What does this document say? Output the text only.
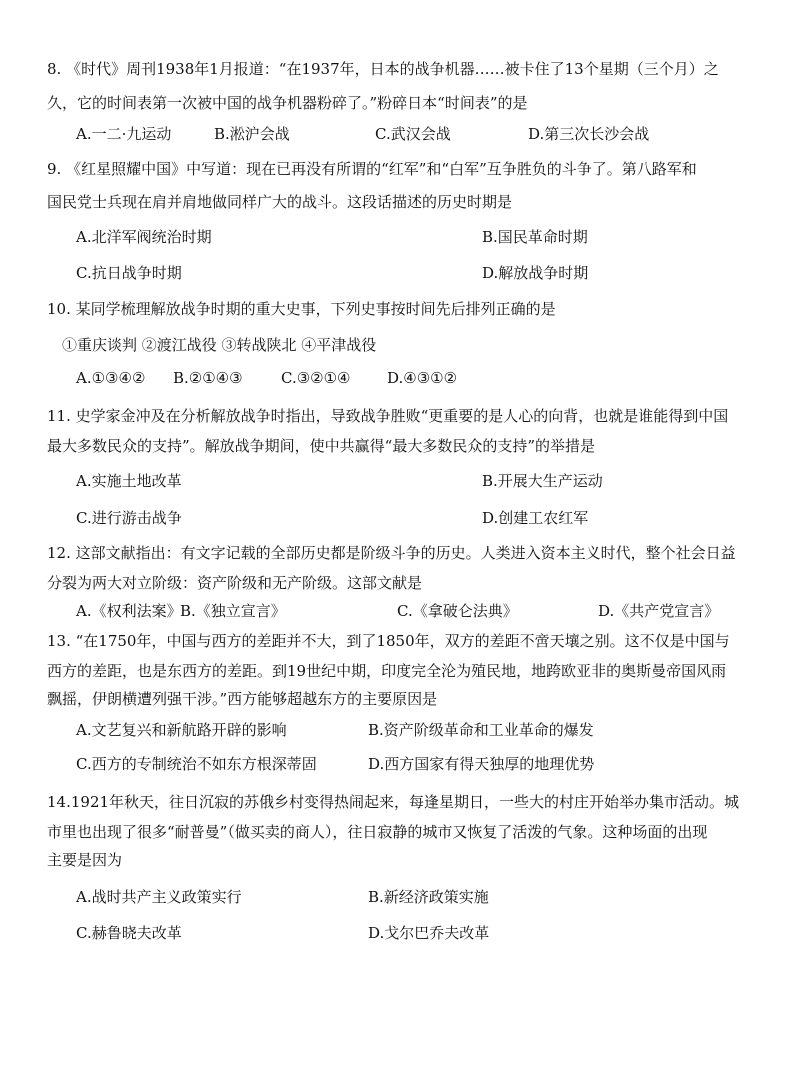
8. 《时代》周刊1938年1月报道：“在1937年，日本的战争机器……被卡住了13个星期（三个月）之
久，它的时间表第一次被中国的战争机器粉碎了。”粉碎日本“时间表”的是
A.一二·九运动	B.淞沪会战	C.武汉会战	D.第三次长沙会战
9. 《红星照耀中国》中写道：现在已再没有所谓的“红军”和“白军”互争胜负的斗争了。第八路军和
国民党士兵现在肩并肩地做同样广大的战斗。这段话描述的历史时期是
A.北洋军阀统治时期	B.国民革命时期
C.抗日战争时期	D.解放战争时期
10. 某同学梳理解放战争时期的重大史事，下列史事按时间先后排列正确的是
①重庆谈判 ②渡江战役 ③转战陕北 ④平津战役
A.①③④② B.②①④③	C.③②①④ D.④③①②
11. 史学家金冲及在分析解放战争时指出，导致战争胜败“更重要的是人心的向背，也就是谁能得到中国
最大多数民众的支持”。解放战争期间，使中共赢得“最大多数民众的支持”的举措是
A.实施土地改革	B.开展大生产运动
C.进行游击战争	D.创建工农红军
12. 这部文献指出：有文字记载的全部历史都是阶级斗争的历史。人类进入资本主义时代，整个社会日益
分裂为两大对立阶级：资产阶级和无产阶级。这部文献是
A.《权利法案》
B.《独立宣言》	C.《拿破仑法典》	D.《共产党宣言》
13. “在1750年，中国与西方的差距并不大，到了1850年，双方的差距不啻天壤之别。这不仅是中国与
西方的差距，也是东西方的差距。到19世纪中期，印度完全沦为殖民地，地跨欧亚非的奥斯曼帝国风雨
飘摇，伊朗横遭列强干涉。”西方能够超越东方的主要原因是
A.文艺复兴和新航路开辟的影响	B.资产阶级革命和工业革命的爆发
C.西方的专制统治不如东方根深蒂固	D.西方国家有得天独厚的地理优势
14.1921年秋天，往日沉寂的苏俄乡村变得热闹起来，每逢星期日，一些大的村庄开始举办集市活动。城
市里也出现了很多“耐普曼”（做买卖的商人），往日寂静的城市又恢复了活泼的气象。这种场面的出现
主要是因为
A.战时共产主义政策实行	B.新经济政策实施
C.赫鲁晓夫改革	D.戈尔巴乔夫改革
